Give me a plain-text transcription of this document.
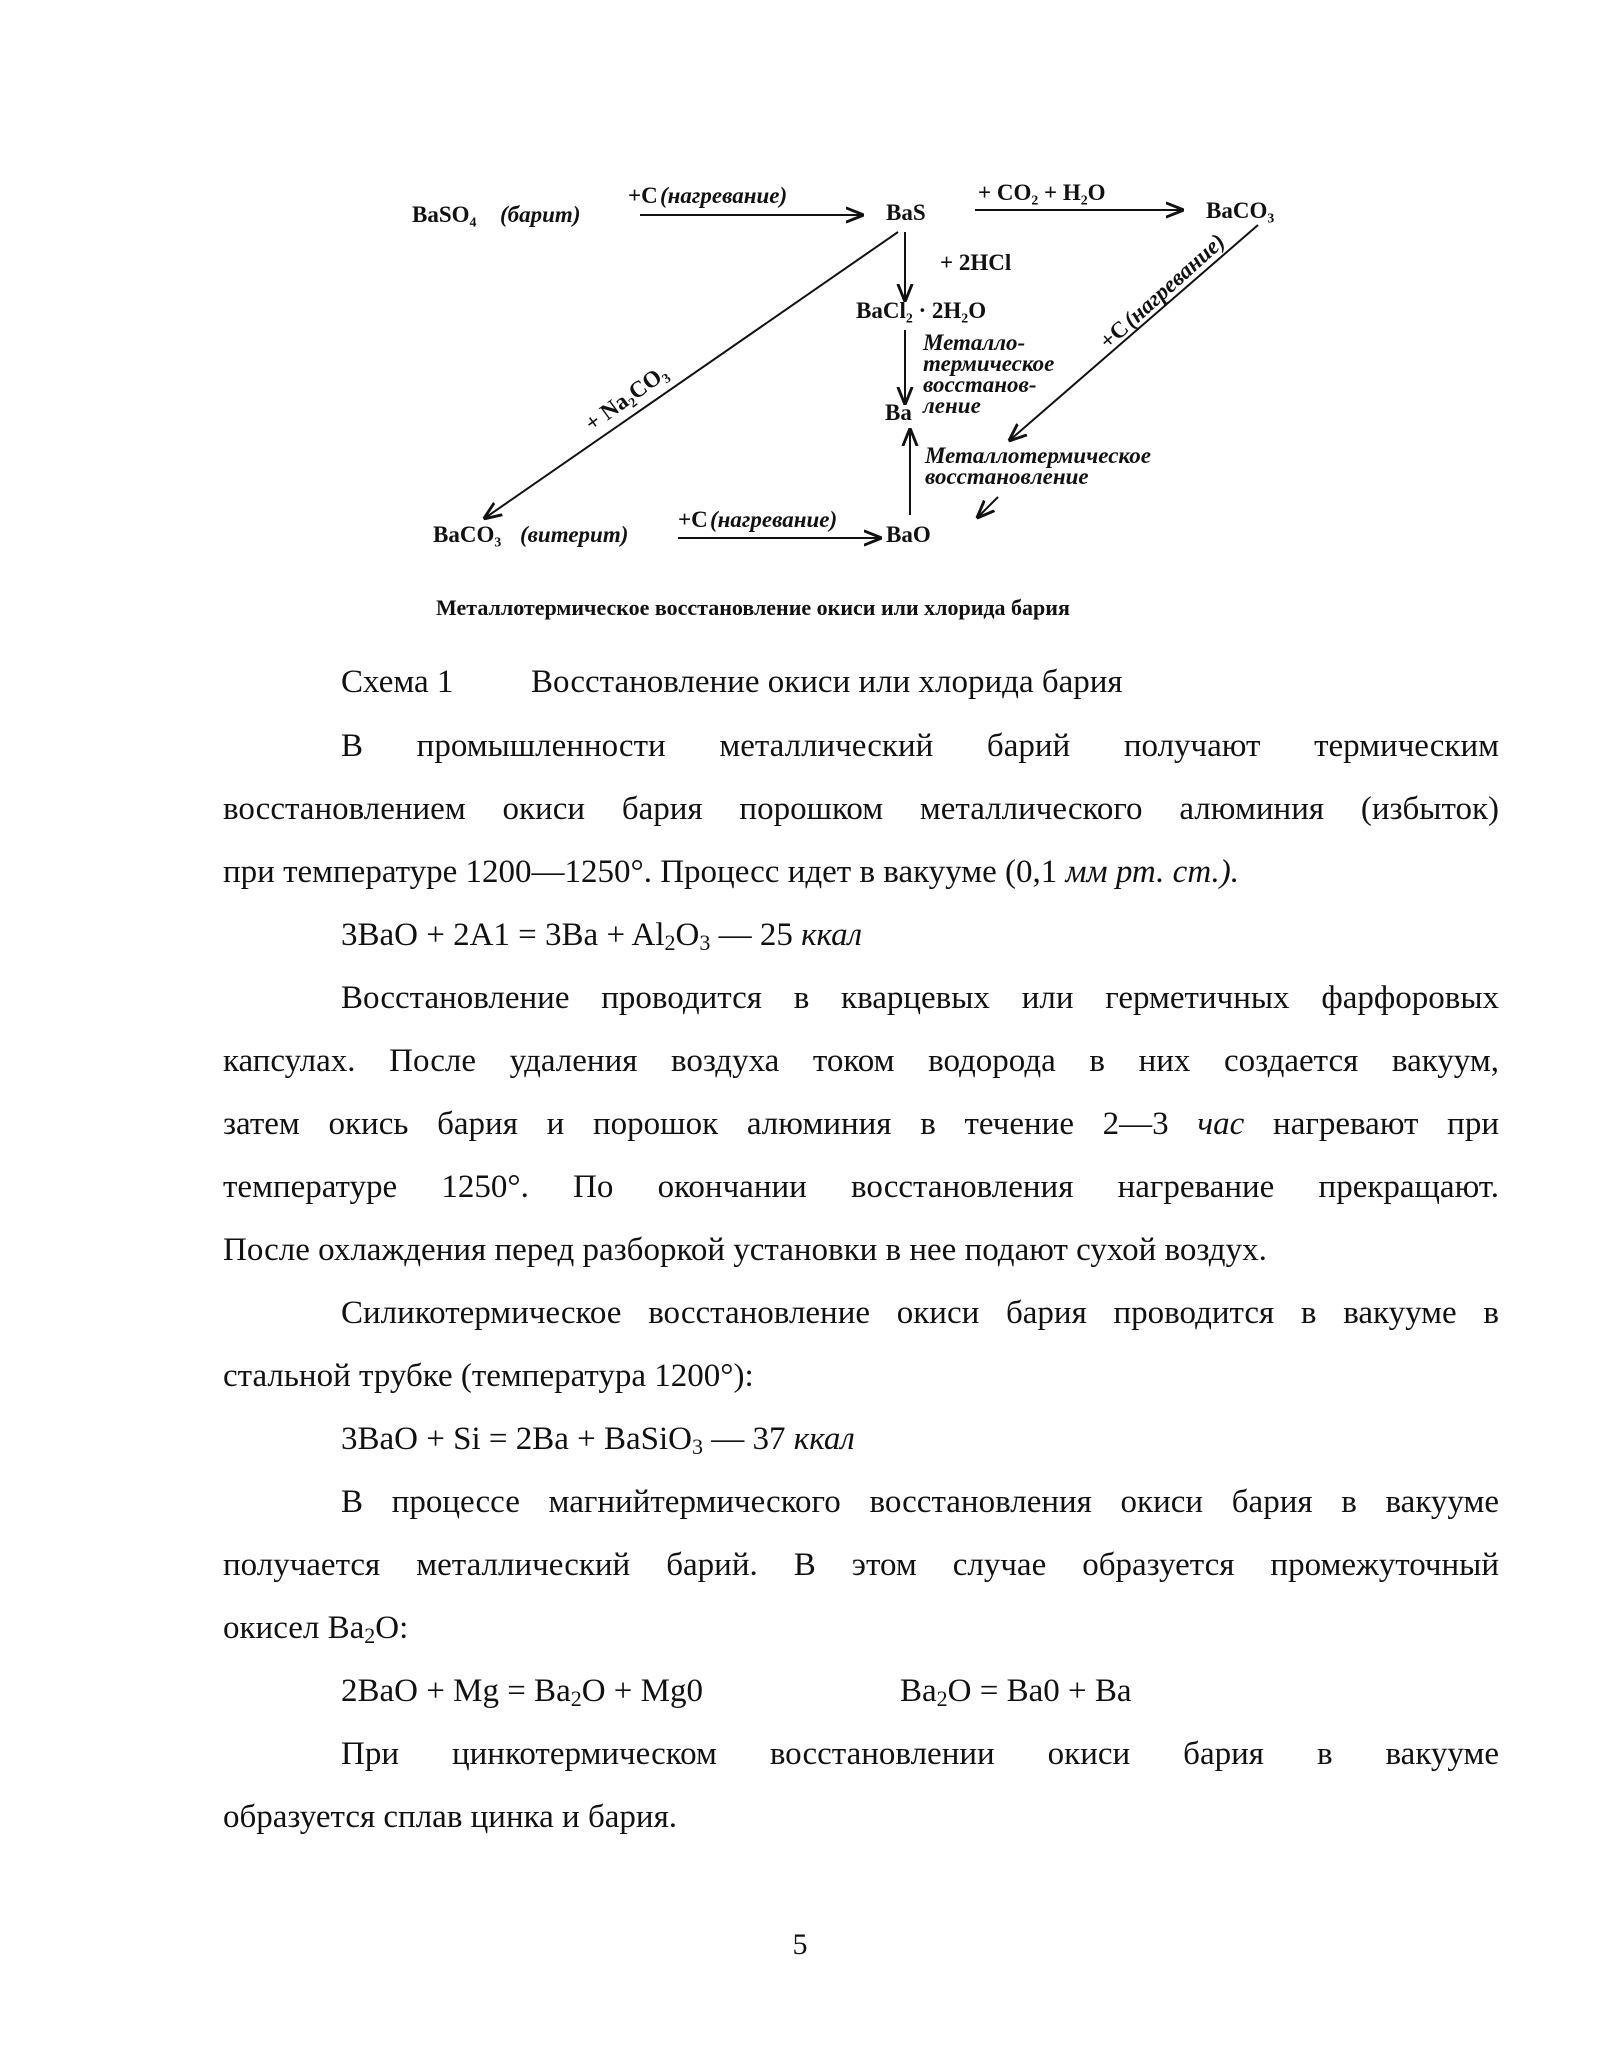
BaSO₄ (барит)	BaS	BaCO₃
BaCl₂ · 2H₂O
Ba
BaCO₃ (витерит)	BaO
+C (нагревание)	+ CO₂ + H₂O
+ 2HCl
+ Na₂CO₃
+C
(нагревание)
+C (нагревание)
Металло-
термическое
восстанов-
ление
Металлотермическое
восстановление
Металлотермическое восстановление окиси или хлорида бария
Схема 1 Восстановление окиси или хлорида бария
В промышленности металлический барий получают термическим
восстановлением окиси бария порошком металлического алюминия (избыток)
при температуре 1200—1250°. Процесс идет в вакууме (0,1 мм рт. ст.).
$3BaO + 2A1 = 3Ba + Al_2O_3$ — 25 ккал
Восстановление проводится в кварцевых или герметичных фарфоровых
капсулах. После удаления воздуха током водорода в них создается вакуум,
затем окись бария и порошок алюминия в течение 2—3 час нагревают при
температуре 1250°. По окончании восстановления нагревание прекращают.
После охлаждения перед разборкой установки в нее подают сухой воздух.
Силикотермическое восстановление окиси бария проводится в вакууме в
стальной трубке (температура 1200°):
3BaO + Si = 2Ba + BaSiO$_3$ — 37 ккал
В процессе магнийтермического восстановления окиси бария в вакууме
получается металлический барий. В этом случае образуется промежуточный
окисел $Ba_2O$:
$2BaO + Mg = Ba_2O + Mg0$	$Ba_2O = Ba0 + Ba$
При цинкотермическом восстановлении окиси бария в вакууме
образуется сплав цинка и бария.
5
